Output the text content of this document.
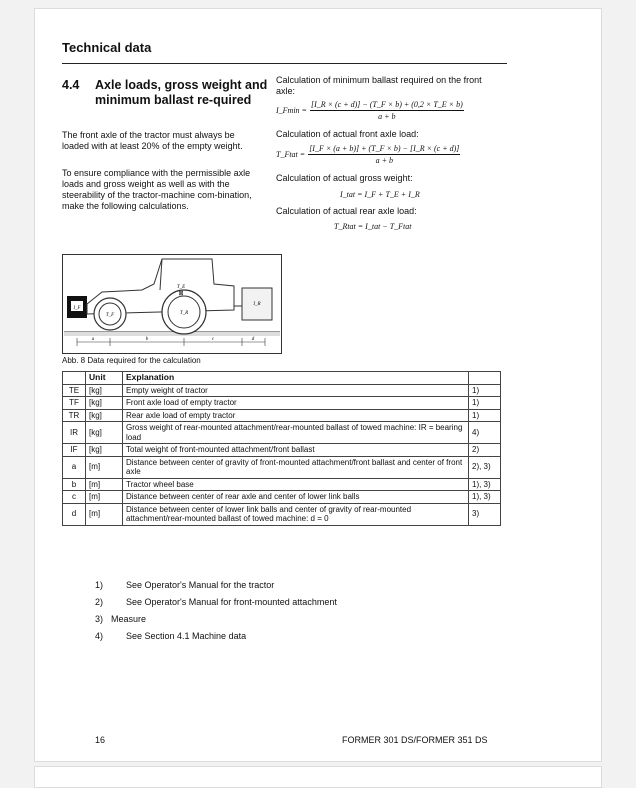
Technical data
4.4 Axle loads, gross weight and minimum ballast re-quired
The front axle of the tractor must always be loaded with at least 20% of the empty weight.
To ensure compliance with the permissible axle loads and gross weight as well as with the steerability of the tractor-machine com-bination, make the following calculations.
Calculation of minimum ballast required on the front axle:
I_Fmin = $\frac{[I\_R \times (c + d)] - (T\_F \times b) + (0,2 \times T\_E \times b)}{a + b}$
Calculation of actual front axle load:
T_Ftat = $\frac{[I\_F \times (a + b)] + (T\_F \times b) - [I\_R \times (c + d)]}{a + b}$
Calculation of actual gross weight:
I_tat = I_F + T_E + I_R
Calculation of actual rear axle load:
T_Rtat = I_tat − T_Ftat
I_F
T_F	T_R
T_E
⊠
I_R
a	b	c	d
Abb. 8 Data required for the calculation
	Unit	Explanation	
TE	[kg]	Empty weight of tractor	1)
TF	[kg]	Front axle load of empty tractor	1)
TR	[kg]	Rear axle load of empty tractor	1)
IR	[kg]	Gross weight of rear-mounted attachment/rear-mounted ballast of towed machine: IR = bearing load	4)
IF	[kg]	Total weight of front-mounted attachment/front ballast	2)
a	[m]	Distance between center of gravity of front-mounted attachment/front ballast and center of front axle	2), 3)
b	[m]	Tractor wheel base	1), 3)
c	[m]	Distance between center of rear axle and center of lower link balls	1), 3)
d	[m]	Distance between center of lower link balls and center of gravity of rear-mounted attachment/rear-mounted ballast of towed machine: d = 0	3)
1)	See Operator's Manual for the tractor
2)	See Operator's Manual for front-mounted attachment
3) Measure
4)	See Section 4.1 Machine data
16	FORMER 301 DS/FORMER 351 DS
